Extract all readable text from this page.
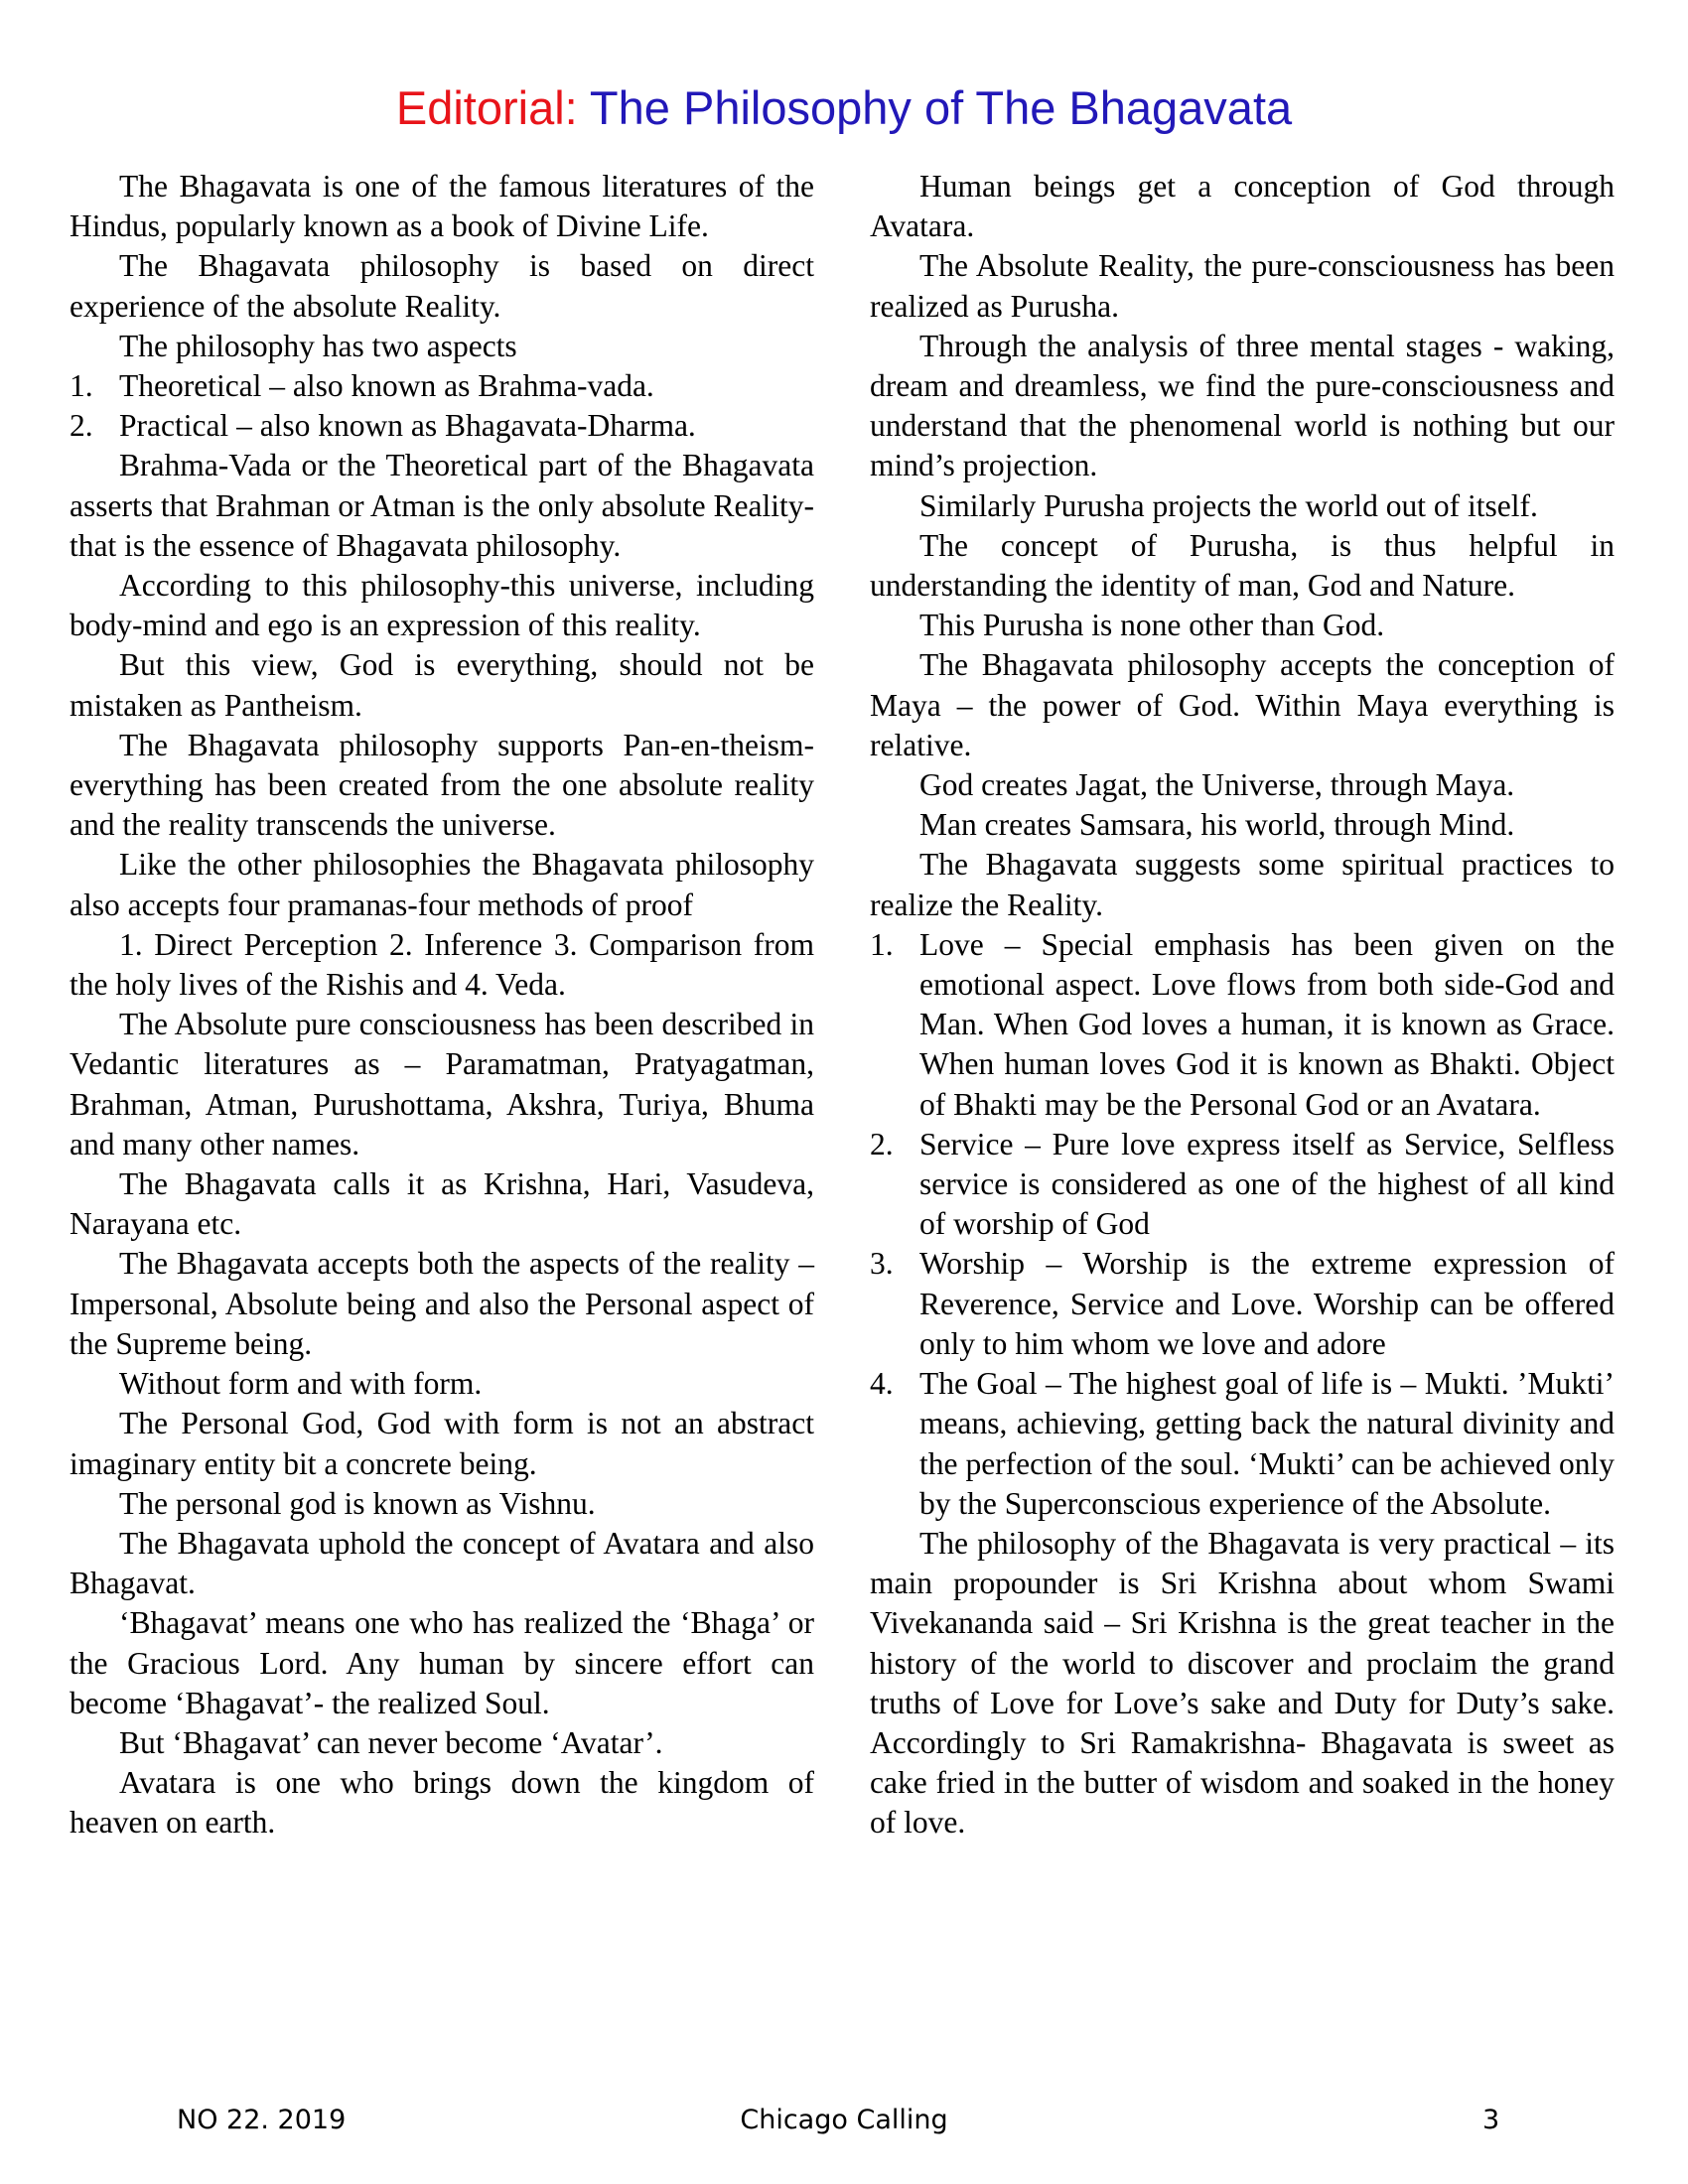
Editorial: The Philosophy of The Bhagavata

The Bhagavata is one of the famous literatures of the Hindus, popularly known as a book of Divine Life.

The Bhagavata philosophy is based on direct experience of the absolute Reality.

The philosophy has two aspects

1. Theoretical – also known as Brahma-vada.
2. Practical – also known as Bhagavata-Dharma.

Brahma-Vada or the Theoretical part of the Bhagavata asserts that Brahman or Atman is the only absolute Reality-that is the essence of Bhagavata philosophy.

According to this philosophy-this universe, including body-mind and ego is an expression of this reality.

But this view, God is everything, should not be mistaken as Pantheism.

The Bhagavata philosophy supports Pan-en-theism-everything has been created from the one absolute reality and the reality transcends the universe.

Like the other philosophies the Bhagavata philosophy also accepts four pramanas-four methods of proof

1. Direct Perception 2. Inference 3. Comparison from the holy lives of the Rishis and 4. Veda.

The Absolute pure consciousness has been described in Vedantic literatures as – Paramatman, Pratyagatman, Brahman, Atman, Purushottama, Akshra, Turiya, Bhuma and many other names.

The Bhagavata calls it as Krishna, Hari, Vasudeva, Narayana etc.

The Bhagavata accepts both the aspects of the reality – Impersonal, Absolute being and also the Personal aspect of the Supreme being.

Without form and with form.

The Personal God, God with form is not an abstract imaginary entity bit a concrete being.

The personal god is known as Vishnu.

The Bhagavata uphold the concept of Avatara and also Bhagavat.

‘Bhagavat’ means one who has realized the ‘Bhaga’ or the Gracious Lord. Any human by sincere effort can become ‘Bhagavat’- the realized Soul.

But ‘Bhagavat’ can never become ‘Avatar’.

Avatara is one who brings down the kingdom of heaven on earth.

Human beings get a conception of God through Avatara.

The Absolute Reality, the pure-consciousness has been realized as Purusha.

Through the analysis of three mental stages - waking, dream and dreamless, we find the pure-consciousness and understand that the phenomenal world is nothing but our mind’s projection.

Similarly Purusha projects the world out of itself.

The concept of Purusha, is thus helpful in understanding the identity of man, God and Nature.

This Purusha is none other than God.

The Bhagavata philosophy accepts the conception of Maya – the power of God. Within Maya everything is relative.

God creates Jagat, the Universe, through Maya.

Man creates Samsara, his world, through Mind.

The Bhagavata suggests some spiritual practices to realize the Reality.

1. Love – Special emphasis has been given on the emotional aspect. Love flows from both side-God and Man. When God loves a human, it is known as Grace. When human loves God it is known as Bhakti. Object of Bhakti may be the Personal God or an Avatara.
2. Service – Pure love express itself as Service, Selfless service is considered as one of the highest of all kind of worship of God
3. Worship – Worship is the extreme expression of Reverence, Service and Love. Worship can be offered only to him whom we love and adore
4. The Goal – The highest goal of life is – Mukti. ’Mukti’ means, achieving, getting back the natural divinity and the perfection of the soul. ‘Mukti’ can be achieved only by the Superconscious experience of the Absolute.

The philosophy of the Bhagavata is very practical – its main propounder is Sri Krishna about whom Swami Vivekananda said – Sri Krishna is the great teacher in the history of the world to discover and proclaim the grand truths of Love for Love’s sake and Duty for Duty’s sake. Accordingly to Sri Ramakrishna- Bhagavata is sweet as cake fried in the butter of wisdom and soaked in the honey of love.

NO 22. 2019	Chicago Calling	3
